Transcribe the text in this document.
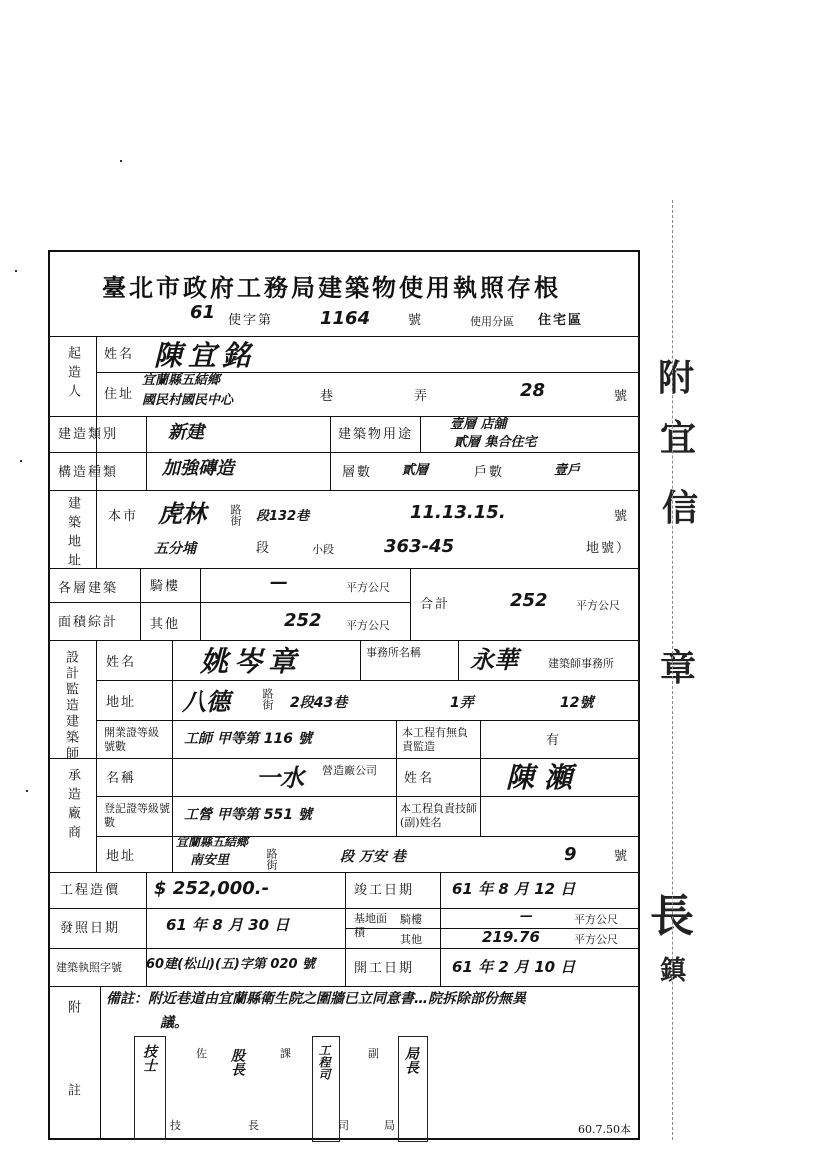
附
宜
信
章
長
鎮
臺北市政府工務局建築物使用執照存根
61 使字第	1164	號	使用分區 住宅區
起造人 姓名 陳宜銘
住址
宜蘭縣五結鄉
國民村國民中心	巷	弄	28	號
建造類別	新建	建築物用途
壹層 店舖
貳層 集合住宅
構造種類 加強磚造	層數 貳層	戶數	壹戶
建築地址 本市 虎林 路街 段132巷	11.13.15.	號
五分埔	段	小段	363-45	地號）
各層建築
面積綜計
騎樓	—	平方公尺
其他	252 平方公尺
合計	252	平方公尺
設計監造建築師 姓名 姚岑章	事務所名稱	永華	建築師事務所
地址 八德	路街 2段43巷	1弄	12號
開業證等級號數	工師 甲等第 116 號	本工程有無負責監造	有
承造廠商 名稱	一水 營造廠公司
姓名	陳瀬
登記證等級號數	工營 甲等第 551 號	本工程負責技師(副)姓名
地址
宜蘭縣五結鄉
南安里	路街	段 万安 巷	9	號
工程造價 $ 252,000.-	竣工日期	61 年 8 月 12 日
發照日期	61 年 8 月 30 日	基地面積
騎樓	—	平方公尺
其他	219.76	平方公尺
建築執照字號 60建(松山)(五)字第 020 號	開工日期	61 年 2 月 10 日
附註
備註：附近巷道由宜蘭縣衛生院之圍牆已立同意書…院拆除部份無異
議。
技士	佐 股長	課 工程司	副 局長
技	長	司	局	60.7.50本
